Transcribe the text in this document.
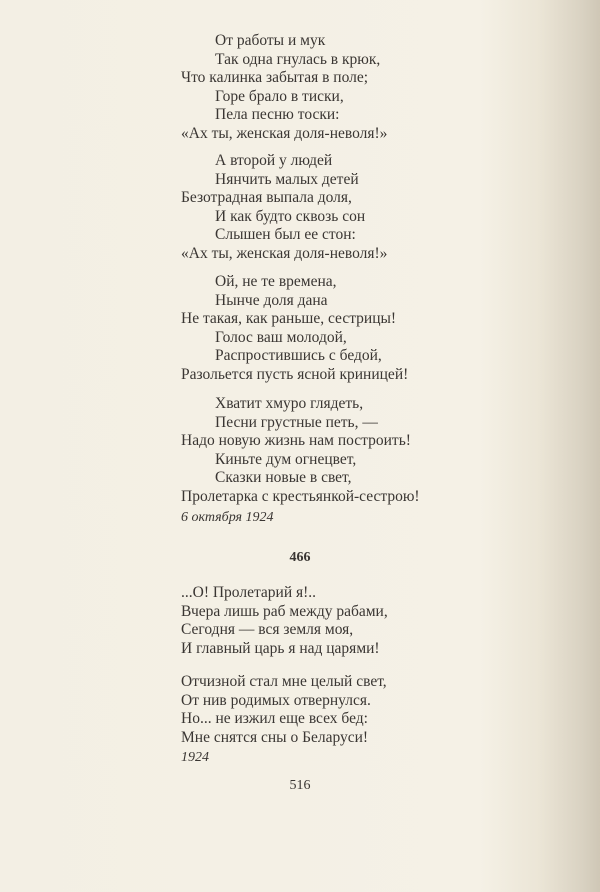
От работы и мук
Так одна гнулась в крюк,
Что калинка забытая в поле;
Горе брало в тиски,
Пела песню тоски:
«Ах ты, женская доля-неволя!»
А второй у людей
Нянчить малых детей
Безотрадная выпала доля,
И как будто сквозь сон
Слышен был ее стон:
«Ах ты, женская доля-неволя!»
Ой, не те времена,
Нынче доля дана
Не такая, как раньше, сестрицы!
Голос ваш молодой,
Распростившись с бедой,
Разольется пусть ясной криницей!
Хватит хмуро глядеть,
Песни грустные петь, —
Надо новую жизнь нам построить!
Киньте дум огнецвет,
Сказки новые в свет,
Пролетарка с крестьянкой-сестрою!
6 октября 1924
466
...О! Пролетарий я!..
Вчера лишь раб между рабами,
Сегодня — вся земля моя,
И главный царь я над царями!
Отчизной стал мне целый свет,
От нив родимых отвернулся.
Но... не изжил еще всех бед:
Мне снятся сны о Беларуси!
1924
516
